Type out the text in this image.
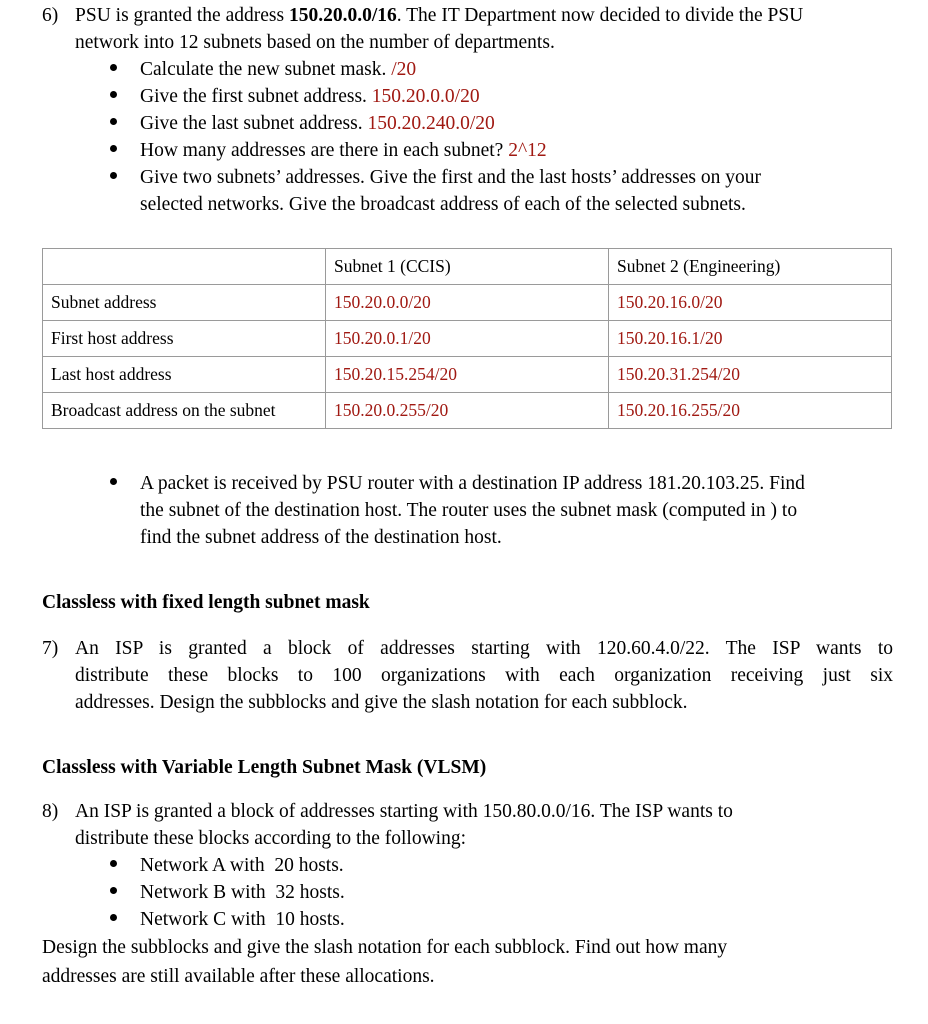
6) PSU is granted the address 150.20.0.0/16. The IT Department now decided to divide the PSU
network into 12 subnets based on the number of departments.
Calculate the new subnet mask. /20
Give the first subnet address. 150.20.0.0/20
Give the last subnet address. 150.20.240.0/20
How many addresses are there in each subnet? 2^12
Give two subnets’ addresses. Give the first and the last hosts’ addresses on your
selected networks. Give the broadcast address of each of the selected subnets.
	Subnet 1 (CCIS)	Subnet 2 (Engineering)
Subnet address	150.20.0.0/20	150.20.16.0/20
First host address	150.20.0.1/20	150.20.16.1/20
Last host address	150.20.15.254/20	150.20.31.254/20
Broadcast address on the subnet	150.20.0.255/20	150.20.16.255/20
A packet is received by PSU router with a destination IP address 181.20.103.25. Find
the subnet of the destination host. The router uses the subnet mask (computed in ) to
find the subnet address of the destination host.
Classless with fixed length subnet mask
7) An ISP is granted a block of addresses starting with 120.60.4.0/22. The ISP wants to
distribute these blocks to 100 organizations with each organization receiving just six
addresses. Design the subblocks and give the slash notation for each subblock.
Classless with Variable Length Subnet Mask (VLSM)
8) An ISP is granted a block of addresses starting with 150.80.0.0/16. The ISP wants to
distribute these blocks according to the following:
Network A with  20 hosts.
Network B with  32 hosts.
Network C with  10 hosts.
Design the subblocks and give the slash notation for each subblock. Find out how many
addresses are still available after these allocations.
